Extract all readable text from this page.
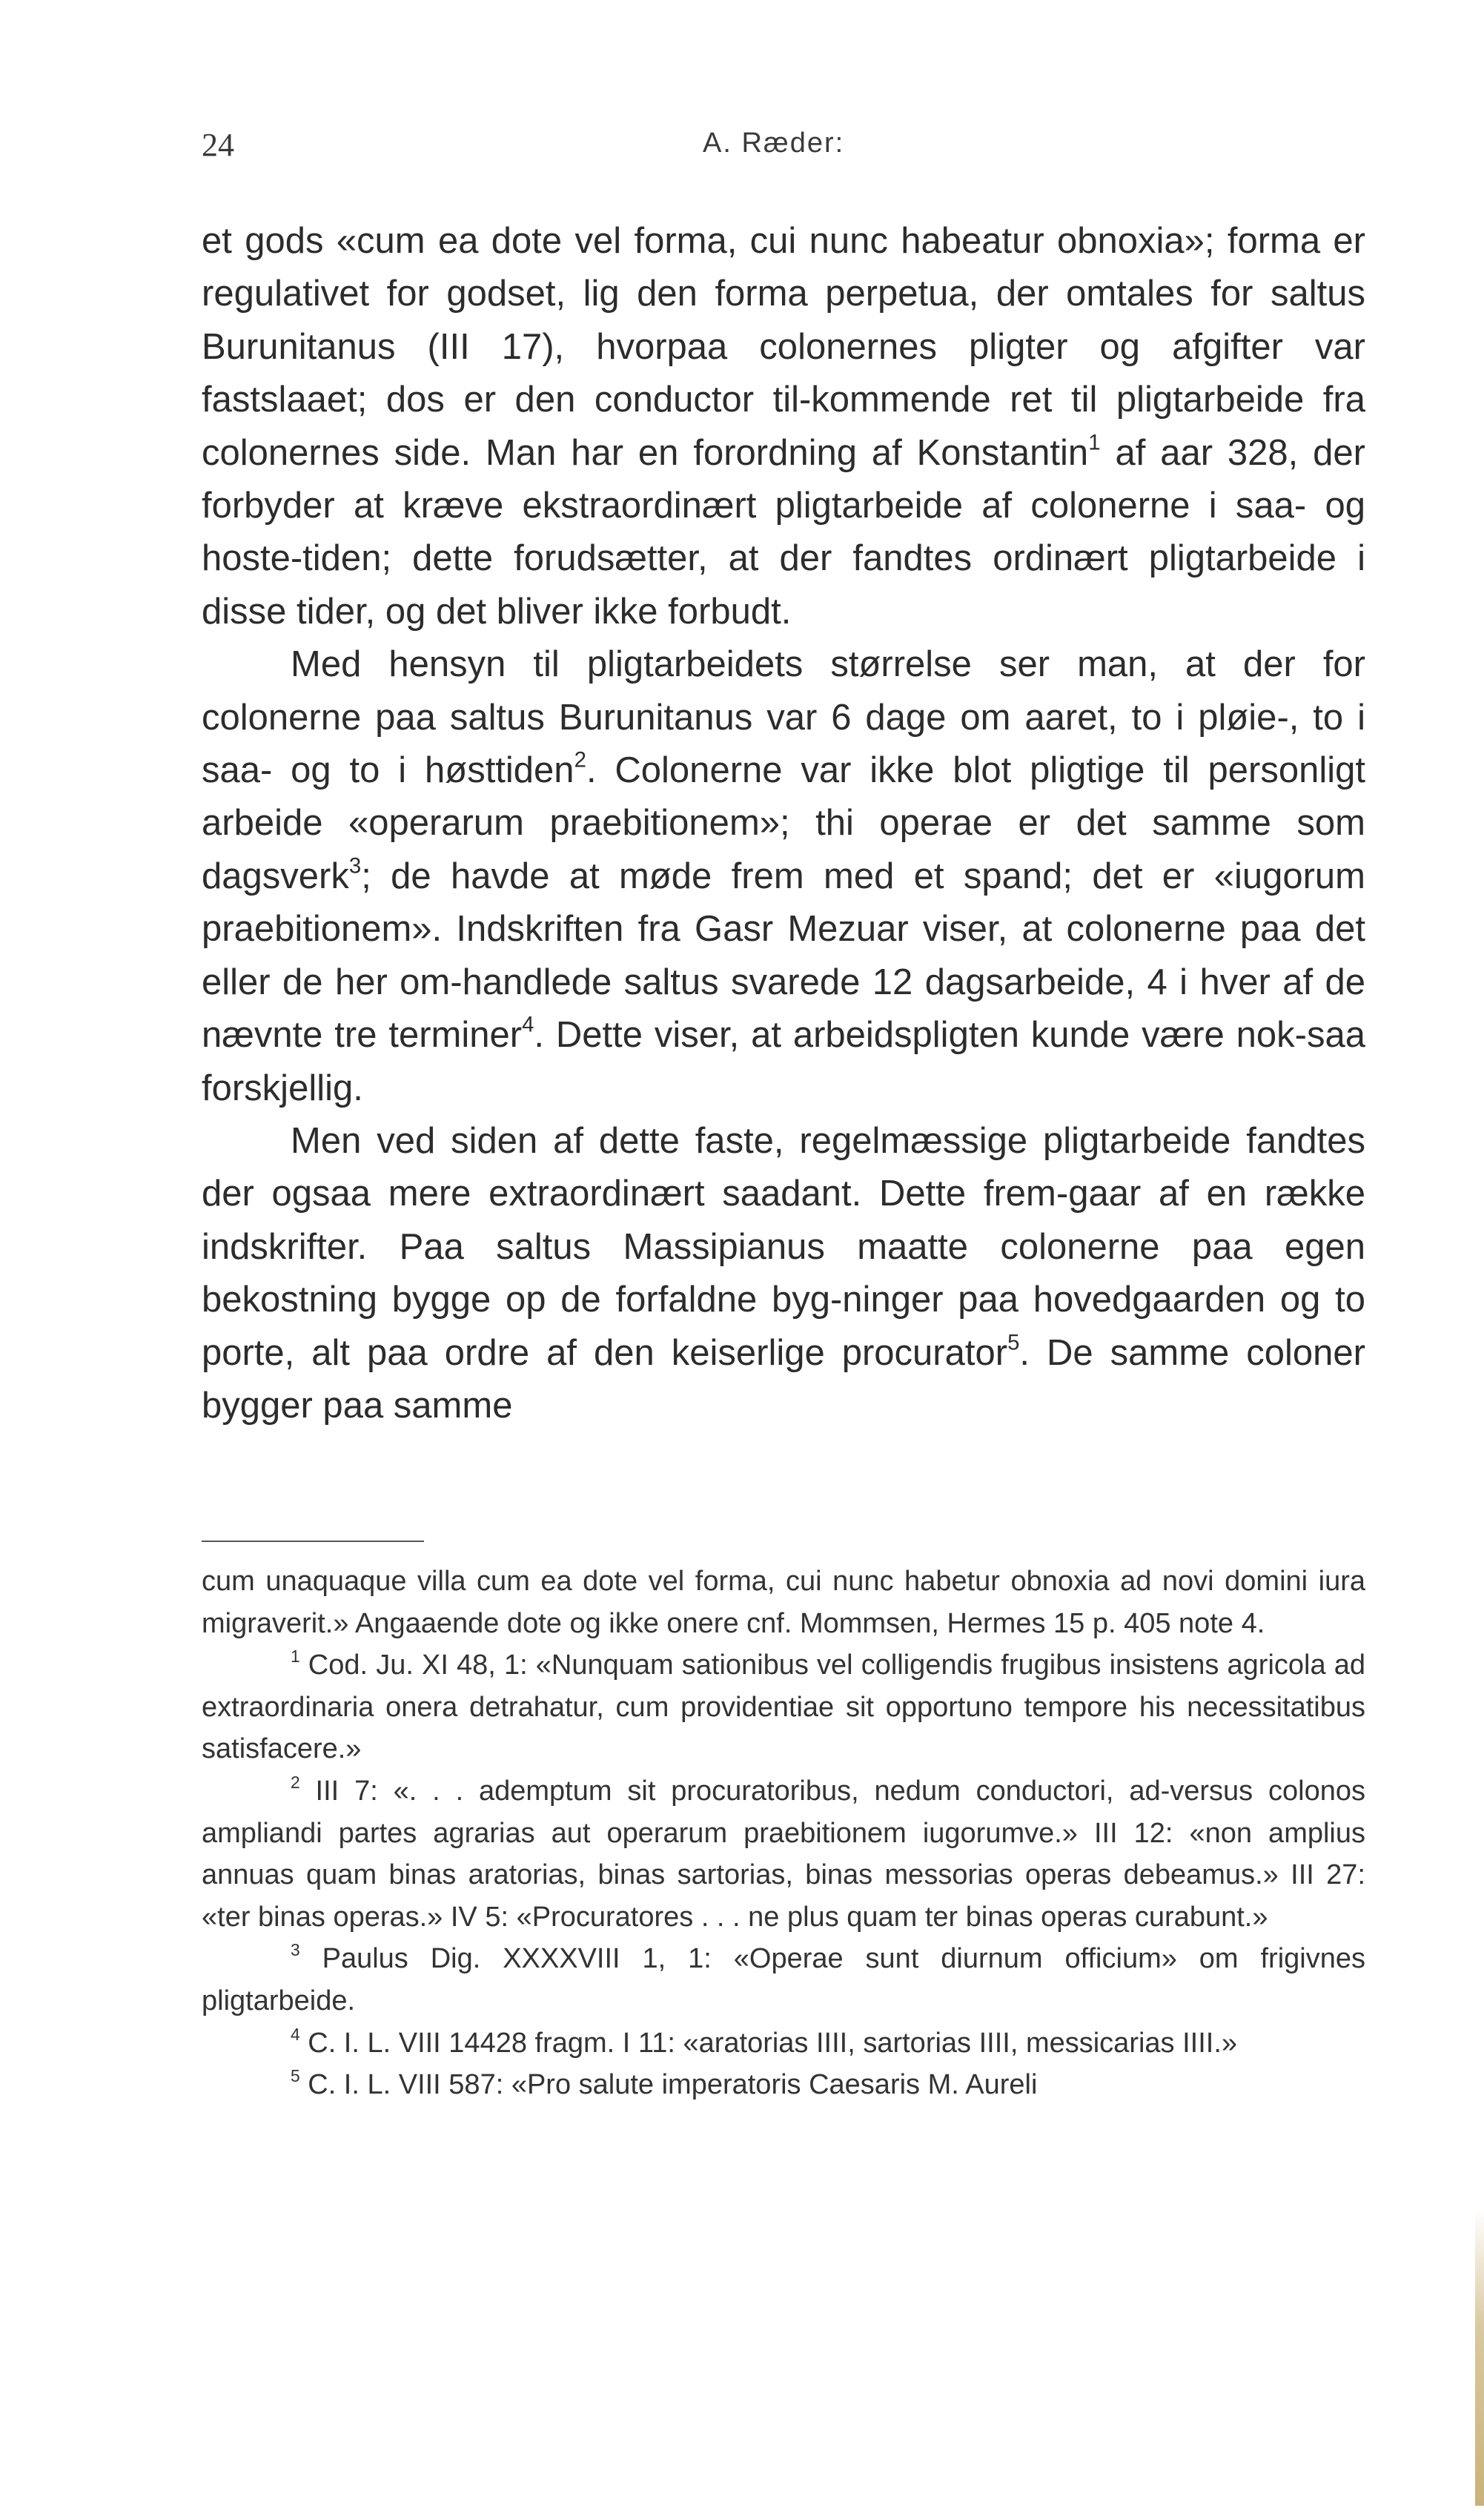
24	A. Ræder:

et gods «cum ea dote vel forma, cui nunc habeatur obnoxia»; forma er regulativet for godset, lig den forma perpetua, der omtales for saltus Burunitanus (III 17), hvorpaa colonernes pligter og afgifter var fastslaaet; dos er den conductor til-kommende ret til pligtarbeide fra colonernes side. Man har en forordning af Konstantin$^1$ af aar 328, der forbyder at kræve ekstraordinært pligtarbeide af colonerne i saa- og hoste-tiden; dette forudsætter, at der fandtes ordinært pligtarbeide i disse tider, og det bliver ikke forbudt.

Med hensyn til pligtarbeidets størrelse ser man, at der for colonerne paa saltus Burunitanus var 6 dage om aaret, to i pløie-, to i saa- og to i høsttiden$^2$. Colonerne var ikke blot pligtige til personligt arbeide «operarum praebitionem»; thi operae er det samme som dagsverk$^3$; de havde at møde frem med et spand; det er «iugorum praebitionem». Indskriften fra Gasr Mezuar viser, at colonerne paa det eller de her om-handlede saltus svarede 12 dagsarbeide, 4 i hver af de nævnte tre terminer$^4$. Dette viser, at arbeidspligten kunde være nok-saa forskjellig.

Men ved siden af dette faste, regelmæssige pligtarbeide fandtes der ogsaa mere extraordinært saadant. Dette frem-gaar af en række indskrifter. Paa saltus Massipianus maatte colonerne paa egen bekostning bygge op de forfaldne byg-ninger paa hovedgaarden og to porte, alt paa ordre af den keiserlige procurator$^5$. De samme coloner bygger paa samme

cum unaquaque villa cum ea dote vel forma, cui nunc habetur obnoxia ad novi domini iura migraverit.» Angaaende dote og ikke onere cnf. Mommsen, Hermes 15 p. 405 note 4.

$^1$ Cod. Ju. XI 48, 1: «Nunquam sationibus vel colligendis frugibus insistens agricola ad extraordinaria onera detrahatur, cum providentiae sit opportuno tempore his necessitatibus satisfacere.»

$^2$ III 7: «. . . ademptum sit procuratoribus, nedum conductori, ad-versus colonos ampliandi partes agrarias aut operarum praebitionem iugorumve.» III 12: «non amplius annuas quam binas aratorias, binas sartorias, binas messorias operas debeamus.» III 27: «ter binas operas.» IV 5: «Procuratores . . . ne plus quam ter binas operas curabunt.»

$^3$ Paulus Dig. XXXXVIII 1, 1: «Operae sunt diurnum officium» om frigivnes pligtarbeide.

$^4$ C. I. L. VIII 14428 fragm. I 11: «aratorias IIII, sartorias IIII, messicarias IIII.»

$^5$ C. I. L. VIII 587: «Pro salute imperatoris Caesaris M. Aureli
